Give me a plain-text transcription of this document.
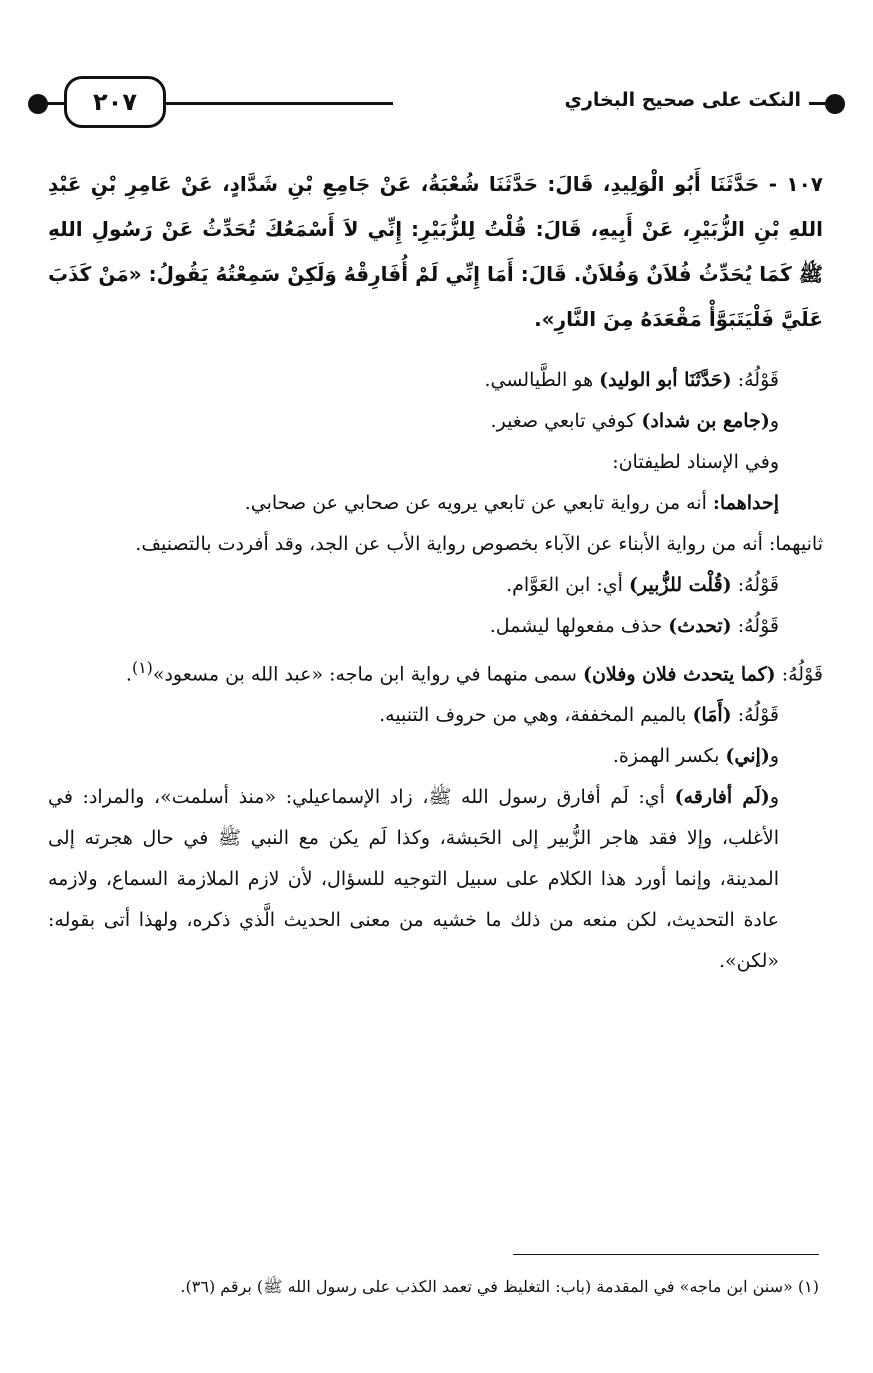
النكت على صحيح البخاري
٢٠٧

١٠٧ - حَدَّثَنَا أَبُو الْوَلِيدِ، قَالَ: حَدَّثَنَا شُعْبَةُ، عَنْ جَامِعِ بْنِ شَدَّادٍ، عَنْ عَامِرِ بْنِ عَبْدِ اللهِ بْنِ الزُّبَيْرِ، عَنْ أَبِيهِ، قَالَ: قُلْتُ لِلزُّبَيْرِ: إِنِّي لاَ أَسْمَعُكَ تُحَدِّثُ عَنْ رَسُولِ اللهِ ﷺ كَمَا يُحَدِّثُ فُلاَنٌ وَفُلاَنٌ. قَالَ: أَمَا إِنِّي لَمْ أُفَارِقْهُ وَلَكِنْ سَمِعْتُهُ يَقُولُ: «مَنْ كَذَبَ عَلَيَّ فَلْيَتَبَوَّأْ مَقْعَدَهُ مِنَ النَّارِ».

قَوْلُهُ: (حَدَّثَنَا أبو الوليد) هو الطَّيالسي.

و(جامع بن شداد) كوفي تابعي صغير.

وفي الإسناد لطيفتان:

إحداهما: أنه من رواية تابعي عن تابعي يرويه عن صحابي عن صحابي.

ثانيهما: أنه من رواية الأبناء عن الآباء بخصوص رواية الأب عن الجد، وقد أفردت بالتصنيف.

قَوْلُهُ: (قُلْت للزُّبير) أي: ابن العَوَّام.

قَوْلُهُ: (تحدث) حذف مفعولها ليشمل.

قَوْلُهُ: (كما يتحدث فلان وفلان) سمى منهما في رواية ابن ماجه: «عبد الله بن مسعود»$^{(١)}$.

قَوْلُهُ: (أَمَا) بالميم المخففة، وهي من حروف التنبيه.

و(إني) بكسر الهمزة.

و(لَم أفارقه) أي: لَم أفارق رسول الله ﷺ، زاد الإسماعيلي: «منذ أسلمت»، والمراد: في الأغلب، وإلا فقد هاجر الزُّبير إلى الحَبشة، وكذا لَم يكن مع النبي ﷺ في حال هجرته إلى المدينة، وإنما أورد هذا الكلام على سبيل التوجيه للسؤال، لأن لازم الملازمة السماع، ولازمه عادة التحديث، لكن منعه من ذلك ما خشيه من معنى الحديث الَّذي ذكره، ولهذا أتى بقوله: «لكن».

(١) «سنن ابن ماجه» في المقدمة (باب: التغليظ في تعمد الكذب على رسول الله ﷺ) برقم (٣٦).
